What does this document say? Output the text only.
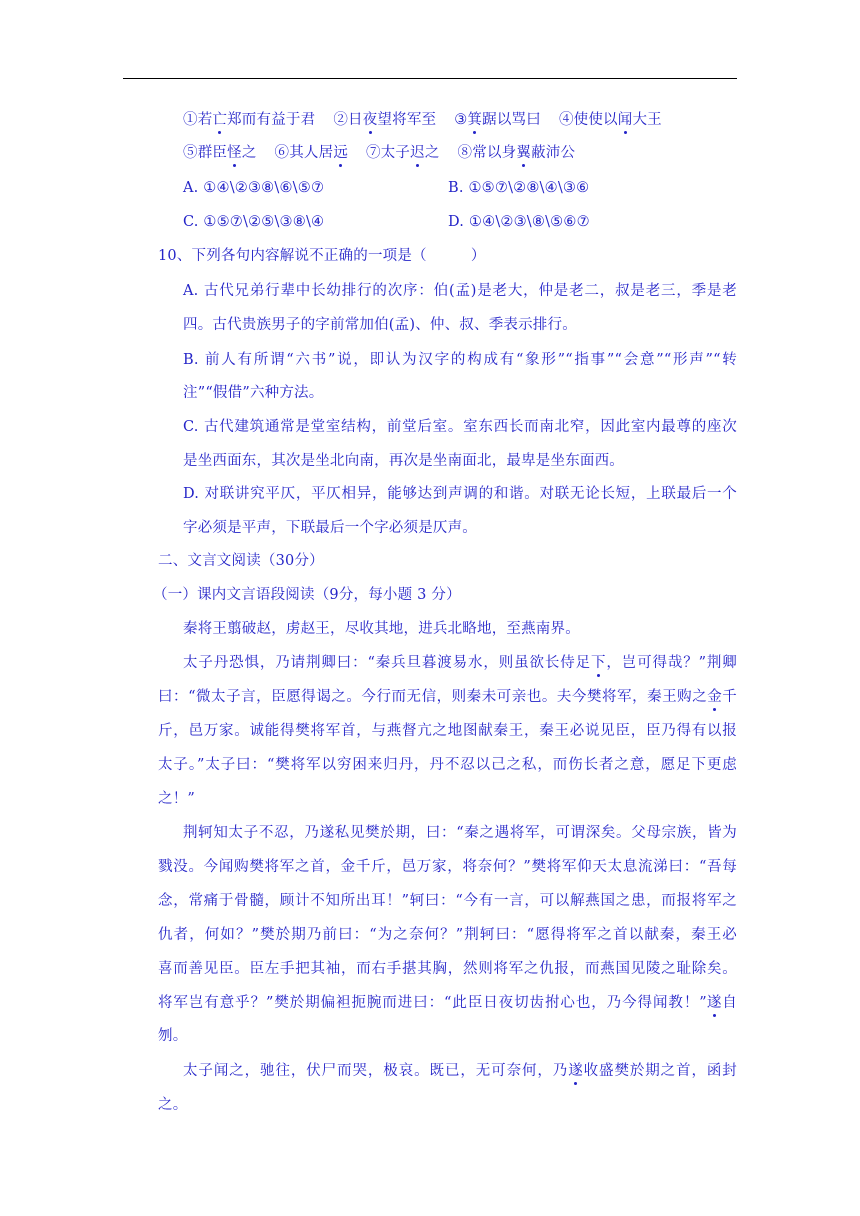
①若亡郑而有益于君 ②日夜望将军至 ③箕踞以骂曰 ④使使以闻大王
⑤群臣怪之 ⑥其人居远 ⑦太子迟之 ⑧常以身翼蔽沛公
A. ①④\②③⑧\⑥\⑤⑦	B. ①⑤⑦\②⑧\④\③⑥
C. ①⑤⑦\②⑤\③⑧\④	D. ①④\②③\⑧\⑤⑥⑦
10、下列各句内容解说不正确的一项是（　　　）
A. 古代兄弟行辈中长幼排行的次序：伯(孟)是老大，仲是老二，叔是老三，季是老
四。古代贵族男子的字前常加伯(孟)、仲、叔、季表示排行。
B. 前人有所谓“六书”说，即认为汉字的构成有“象形”“指事”“会意”“形声”“转
注”“假借”六种方法。
C. 古代建筑通常是堂室结构，前堂后室。室东西长而南北窄，因此室内最尊的座次
是坐西面东，其次是坐北向南，再次是坐南面北，最卑是坐东面西。
D. 对联讲究平仄，平仄相异，能够达到声调的和谐。对联无论长短，上联最后一个
字必须是平声，下联最后一个字必须是仄声。
二、文言文阅读（30分）
（一）课内文言语段阅读（9分，每小题 3 分）
秦将王翦破赵，虏赵王，尽收其地，进兵北略地，至燕南界。
太子丹恐惧，乃请荆卿曰：“秦兵旦暮渡易水，则虽欲长侍足下，岂可得哉？”荆卿
曰：“微太子言，臣愿得谒之。今行而无信，则秦未可亲也。夫今樊将军，秦王购之金千
斤，邑万家。诚能得樊将军首，与燕督亢之地图献秦王，秦王必说见臣，臣乃得有以报
太子。”太子曰：“樊将军以穷困来归丹，丹不忍以己之私，而伤长者之意，愿足下更虑
之！”
荆轲知太子不忍，乃遂私见樊於期，曰：“秦之遇将军，可谓深矣。父母宗族，皆为
戮没。今闻购樊将军之首，金千斤，邑万家，将奈何？”樊将军仰天太息流涕曰：“吾每
念，常痛于骨髓，顾计不知所出耳！”轲曰：“今有一言，可以解燕国之患，而报将军之
仇者，何如？”樊於期乃前曰：“为之奈何？”荆轲曰：“愿得将军之首以献秦，秦王必
喜而善见臣。臣左手把其袖，而右手揕其胸，然则将军之仇报，而燕国见陵之耻除矣。
将军岂有意乎？”樊於期偏袒扼腕而进曰：“此臣日夜切齿拊心也，乃今得闻教！”遂自
刎。
太子闻之，驰往，伏尸而哭，极哀。既已，无可奈何，乃遂收盛樊於期之首，函封
之。
